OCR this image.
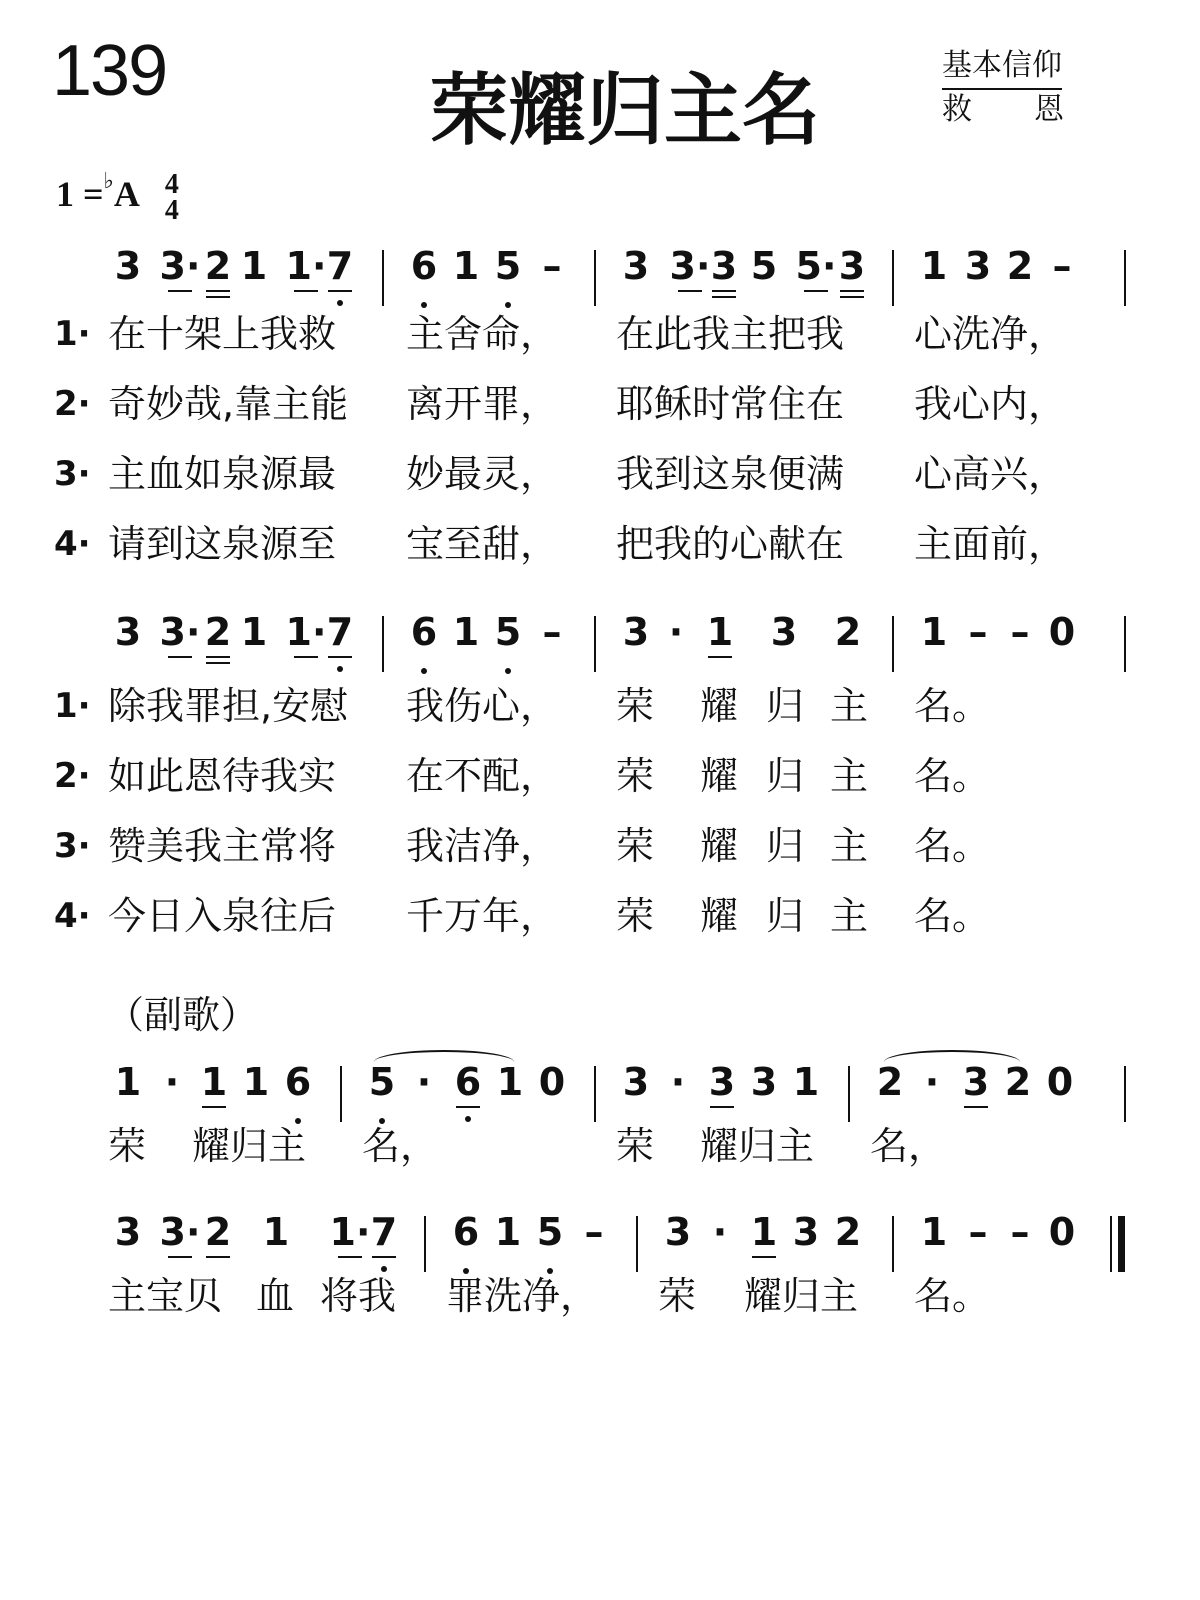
139	荣耀归主名
基本信仰
救恩
1 =♭A 4
4
3 3· 2 1 1· 7 6 1 5 –	3 3· 3 5 5· 3 1 3 2 –
1· 在十架上我救 主舍命， 在此我主把我 心洗净，
2· 奇妙哉,靠主能 离开罪， 耶稣时常住在 我心内，
3· 主血如泉源最 妙最灵， 我到这泉便满 心高兴，
4· 请到这泉源至 宝至甜， 把我的心献在 主面前，
3 3· 2 1 1· 7 6 1 5 –	3 · 1 3 2 1 – – 0
1· 除我罪担,安慰 我伤心， 荣 耀 归 主 名。
2· 如此恩待我实 在不配， 荣 耀 归 主 名。
3· 赞美我主常将 我洁净， 荣 耀 归 主 名。
4· 今日入泉往后 千万年， 荣 耀 归 主 名。
（副歌）
1 · 1 1 6 5 · 6 1 0 3 · 3 3 1 2 · 3 2 0
荣 耀归主 名，	荣 耀归主 名，
3 3· 2 1 1· 7 6 1 5 –	3 · 1 3 2 1 – – 0
主宝贝 血 将我 罪洗净， 荣 耀归主 名。
